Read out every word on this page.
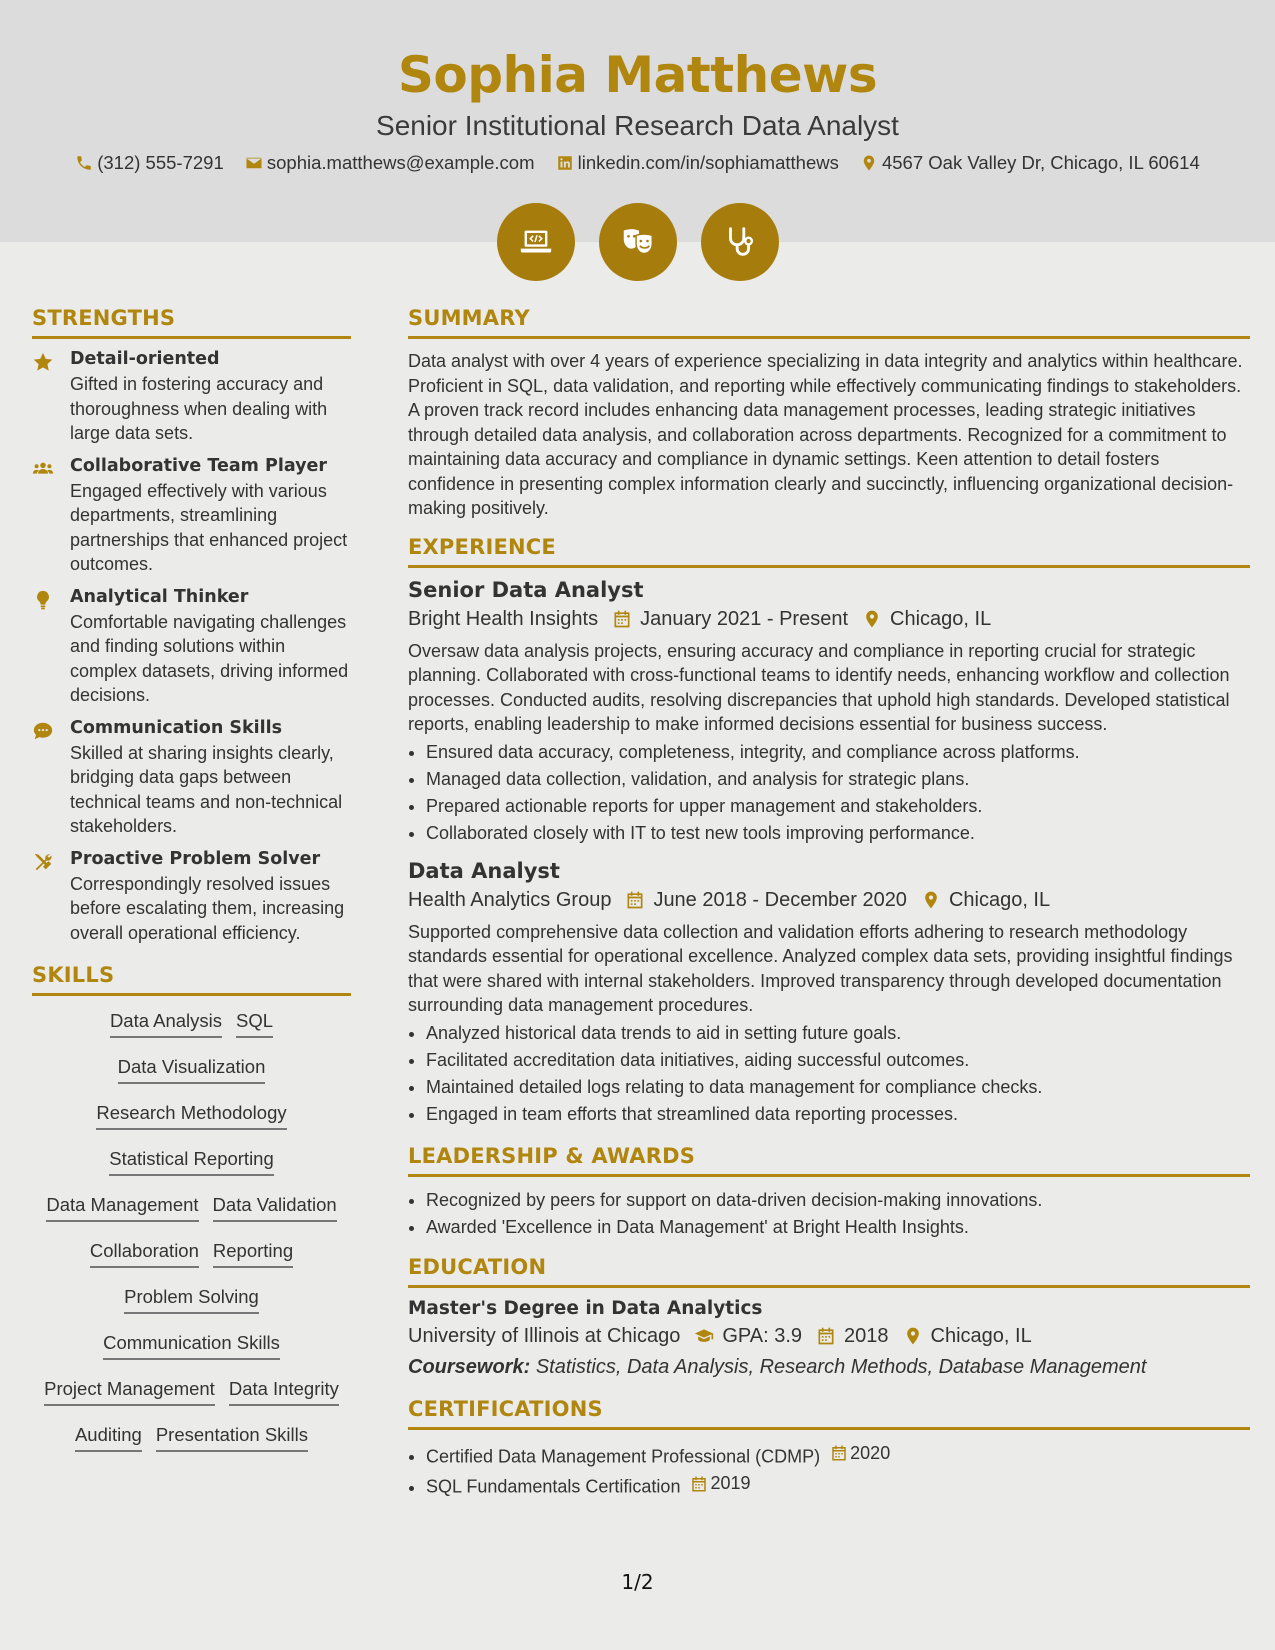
Sophia Matthews
Senior Institutional Research Data Analyst
(312) 555-7291
sophia.matthews@example.com
linkedin.com/in/sophiamatthews
4567 Oak Valley Dr, Chicago, IL 60614

STRENGTHS
Detail-oriented
Gifted in fostering accuracy and thoroughness when dealing with large data sets.
Collaborative Team Player
Engaged effectively with various departments, streamlining partnerships that enhanced project outcomes.
Analytical Thinker
Comfortable navigating challenges and finding solutions within complex datasets, driving informed decisions.
Communication Skills
Skilled at sharing insights clearly, bridging data gaps between technical teams and non-technical stakeholders.
Proactive Problem Solver
Correspondingly resolved issues before escalating them, increasing overall operational efficiency.
SKILLS
Data Analysis SQL
Data Visualization
Research Methodology
Statistical Reporting
Data Management Data Validation
Collaboration Reporting
Problem Solving
Communication Skills
Project Management Data Integrity
Auditing Presentation Skills
SUMMARY
Data analyst with over 4 years of experience specializing in data integrity and analytics within healthcare. Proficient in SQL, data validation, and reporting while effectively communicating findings to stakeholders. A proven track record includes enhancing data management processes, leading strategic initiatives through detailed data analysis, and collaboration across departments. Recognized for a commitment to maintaining data accuracy and compliance in dynamic settings. Keen attention to detail fosters confidence in presenting complex information clearly and succinctly, influencing organizational decision-making positively.
EXPERIENCE
Senior Data Analyst
Bright Health Insights January 2021 - Present Chicago, IL
Oversaw data analysis projects, ensuring accuracy and compliance in reporting crucial for strategic planning. Collaborated with cross-functional teams to identify needs, enhancing workflow and collection processes. Conducted audits, resolving discrepancies that uphold high standards. Developed statistical reports, enabling leadership to make informed decisions essential for business success.
• Ensured data accuracy, completeness, integrity, and compliance across platforms.
• Managed data collection, validation, and analysis for strategic plans.
• Prepared actionable reports for upper management and stakeholders.
• Collaborated closely with IT to test new tools improving performance.
Data Analyst
Health Analytics Group June 2018 - December 2020 Chicago, IL
Supported comprehensive data collection and validation efforts adhering to research methodology standards essential for operational excellence. Analyzed complex data sets, providing insightful findings that were shared with internal stakeholders. Improved transparency through developed documentation surrounding data management procedures.
• Analyzed historical data trends to aid in setting future goals.
• Facilitated accreditation data initiatives, aiding successful outcomes.
• Maintained detailed logs relating to data management for compliance checks.
• Engaged in team efforts that streamlined data reporting processes.
LEADERSHIP & AWARDS
• Recognized by peers for support on data-driven decision-making innovations.
• Awarded 'Excellence in Data Management' at Bright Health Insights.
EDUCATION
Master's Degree in Data Analytics
University of Illinois at Chicago GPA: 3.9 2018 Chicago, IL
Coursework: Statistics, Data Analysis, Research Methods, Database Management
CERTIFICATIONS
• Certified Data Management Professional (CDMP) 2020
• SQL Fundamentals Certification 2019
1/2
